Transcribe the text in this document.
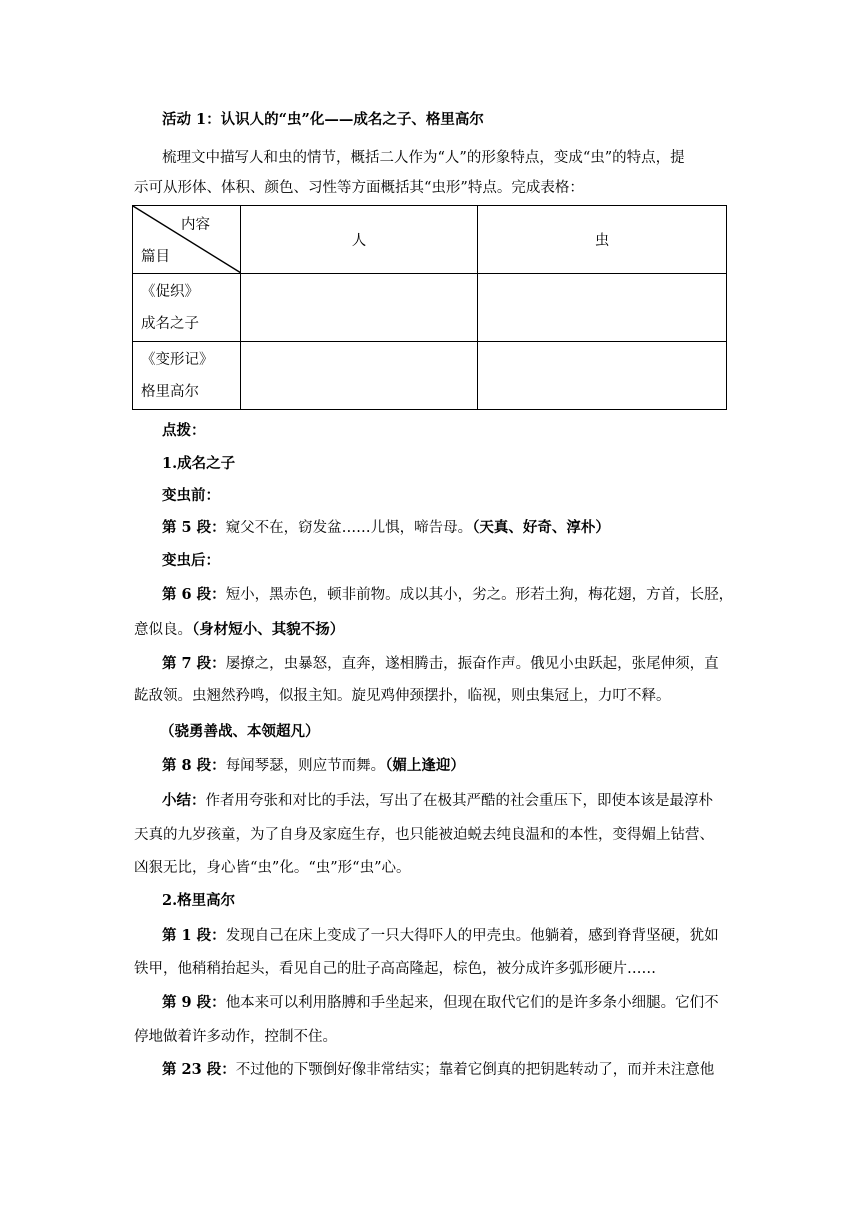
活动 1：认识人的“虫”化——成名之子、格里高尔
梳理文中描写人和虫的情节，概括二人作为“人”的形象特点，变成“虫”的特点，提
示可从形体、体积、颜色、习性等方面概括其“虫形”特点。完成表格：
内容
篇目	人	虫

《促织》
成名之子		

《变形记》
格里高尔		

点拨：
1.成名之子
变虫前：
第 5 段：窥父不在，窃发盆……儿惧，啼告母。（天真、好奇、淳朴）
变虫后：
第 6 段：短小，黑赤色，顿非前物。成以其小，劣之。形若土狗，梅花翅，方首，长胫，
意似良。（身材短小、其貌不扬）
第 7 段：屡撩之，虫暴怒，直奔，遂相腾击，振奋作声。俄见小虫跃起，张尾伸须，直
龁敌领。虫翘然矜鸣，似报主知。旋见鸡伸颈摆扑，临视，则虫集冠上，力叮不释。
（骁勇善战、本领超凡）
第 8 段：每闻琴瑟，则应节而舞。（媚上逢迎）
小结：作者用夸张和对比的手法，写出了在极其严酷的社会重压下，即使本该是最淳朴
天真的九岁孩童，为了自身及家庭生存，也只能被迫蜕去纯良温和的本性，变得媚上钻营、
凶狠无比，身心皆“虫”化。“虫”形“虫”心。
2.格里高尔
第 1 段：发现自己在床上变成了一只大得吓人的甲壳虫。他躺着，感到脊背坚硬，犹如
铁甲，他稍稍抬起头，看见自己的肚子高高隆起，棕色，被分成许多弧形硬片……
第 9 段：他本来可以利用胳膊和手坐起来，但现在取代它们的是许多条小细腿。它们不
停地做着许多动作，控制不住。
第 23 段：不过他的下颚倒好像非常结实；靠着它倒真的把钥匙转动了，而并未注意他
